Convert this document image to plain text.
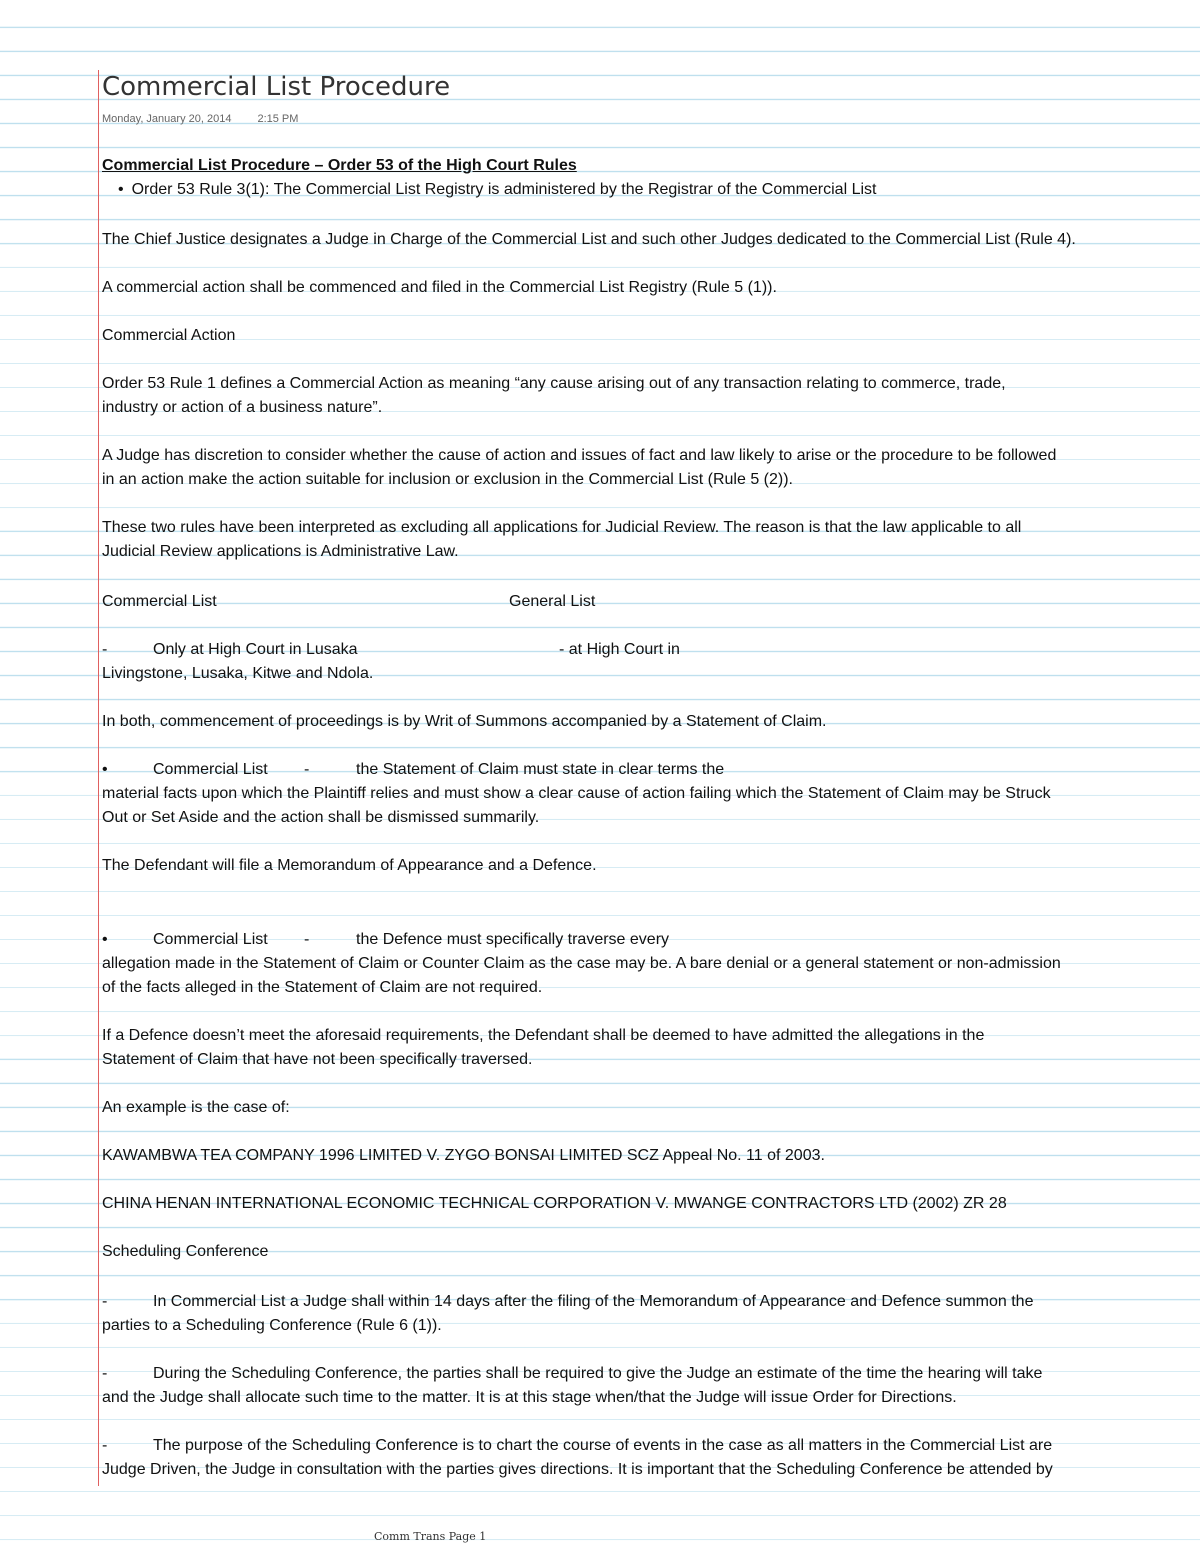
Commercial List Procedure
Monday, January 20, 2014 2:15 PM
Commercial List Procedure – Order 53 of the High Court Rules
• Order 53 Rule 3(1): The Commercial List Registry is administered by the Registrar of the Commercial List
The Chief Justice designates a Judge in Charge of the Commercial List and such other Judges dedicated to the Commercial List (Rule 4).
A commercial action shall be commenced and filed in the Commercial List Registry (Rule 5 (1)).
Commercial Action
Order 53 Rule 1 defines a Commercial Action as meaning “any cause arising out of any transaction relating to commerce, trade,
industry or action of a business nature”.
A Judge has discretion to consider whether the cause of action and issues of fact and law likely to arise or the procedure to be followed
in an action make the action suitable for inclusion or exclusion in the Commercial List (Rule 5 (2)).
These two rules have been interpreted as excluding all applications for Judicial Review. The reason is that the law applicable to all
Judicial Review applications is Administrative Law.
Commercial List	General List
-	Only at High Court in Lusaka	- at High Court in
Livingstone, Lusaka, Kitwe and Ndola.
In both, commencement of proceedings is by Writ of Summons accompanied by a Statement of Claim.
•	Commercial List -	the Statement of Claim must state in clear terms the
material facts upon which the Plaintiff relies and must show a clear cause of action failing which the Statement of Claim may be Struck
Out or Set Aside and the action shall be dismissed summarily.
The Defendant will file a Memorandum of Appearance and a Defence.
•	Commercial List -	the Defence must specifically traverse every
allegation made in the Statement of Claim or Counter Claim as the case may be. A bare denial or a general statement or non-admission
of the facts alleged in the Statement of Claim are not required.
If a Defence doesn’t meet the aforesaid requirements, the Defendant shall be deemed to have admitted the allegations in the
Statement of Claim that have not been specifically traversed.
An example is the case of:
KAWAMBWA TEA COMPANY 1996 LIMITED V. ZYGO BONSAI LIMITED SCZ Appeal No. 11 of 2003.
CHINA HENAN INTERNATIONAL ECONOMIC TECHNICAL CORPORATION V. MWANGE CONTRACTORS LTD (2002) ZR 28
Scheduling Conference
-	In Commercial List a Judge shall within 14 days after the filing of the Memorandum of Appearance and Defence summon the
parties to a Scheduling Conference (Rule 6 (1)).
-	During the Scheduling Conference, the parties shall be required to give the Judge an estimate of the time the hearing will take
and the Judge shall allocate such time to the matter. It is at this stage when/that the Judge will issue Order for Directions.
-	The purpose of the Scheduling Conference is to chart the course of events in the case as all matters in the Commercial List are
Judge Driven, the Judge in consultation with the parties gives directions. It is important that the Scheduling Conference be attended by
Comm Trans Page 1
